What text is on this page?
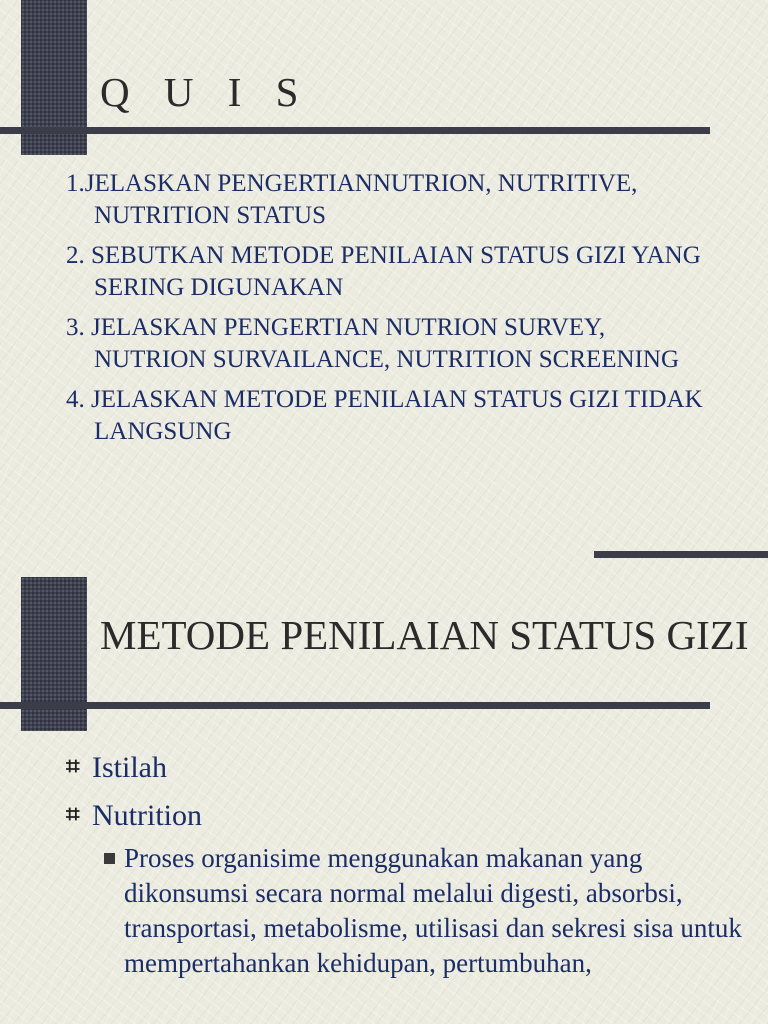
Q U I S
1.JELASKAN PENGERTIANNUTRION, NUTRITIVE, NUTRITION STATUS
2. SEBUTKAN METODE PENILAIAN STATUS GIZI YANG SERING DIGUNAKAN
3. JELASKAN PENGERTIAN NUTRION SURVEY, NUTRION SURVAILANCE, NUTRITION SCREENING
4. JELASKAN METODE PENILAIAN STATUS GIZI TIDAK LANGSUNG
METODE PENILAIAN STATUS GIZI
⌗ Istilah
⌗ Nutrition
Proses organisime menggunakan makanan yang dikonsumsi secara normal melalui digesti, absorbsi, transportasi, metabolisme, utilisasi dan sekresi sisa untuk mempertahankan kehidupan, pertumbuhan,
